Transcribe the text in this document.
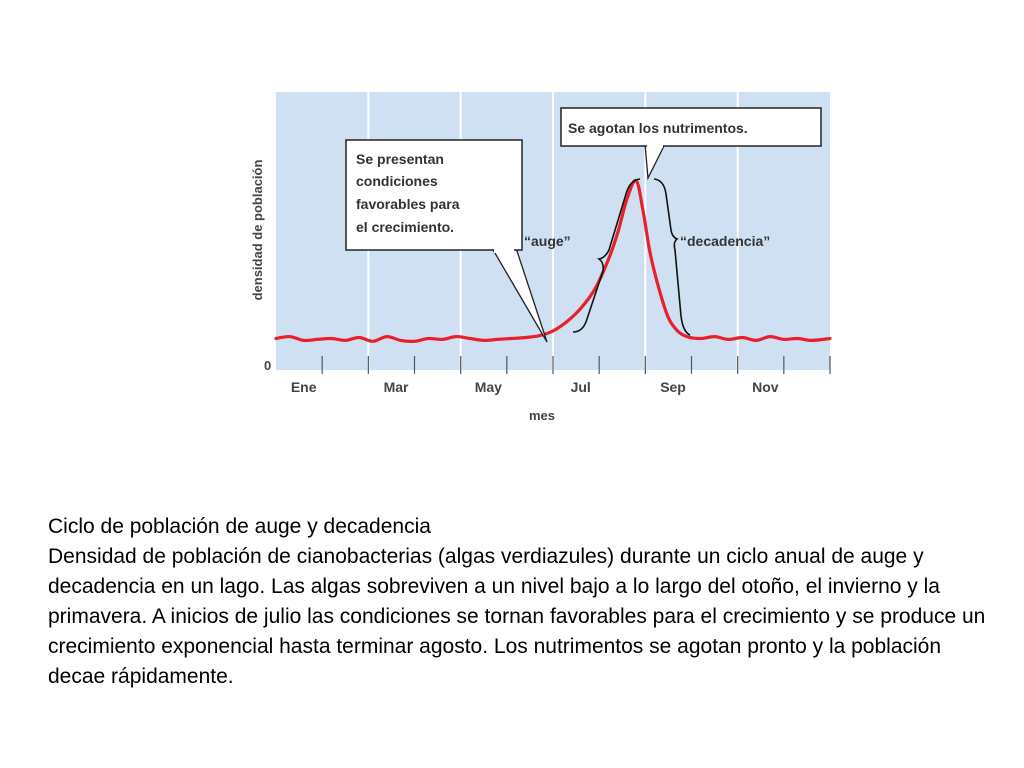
densidad de población
0
Ene	Mar	May	Jul	Sep	Nov
mes
Se presentan
condiciones
favorables para
el crecimiento.
Se agotan los nutrimentos.
“auge”	“decadencia”

Ciclo de población de auge y decadencia

Densidad de población de cianobacterias (algas verdiazules) durante un ciclo anual de auge y decadencia en un lago. Las algas sobreviven a un nivel bajo a lo largo del otoño, el invierno y la primavera. A inicios de julio las condiciones se tornan favorables para el crecimiento y se produce un crecimiento exponencial hasta terminar agosto. Los nutrimentos se agotan pronto y la población decae rápidamente.
